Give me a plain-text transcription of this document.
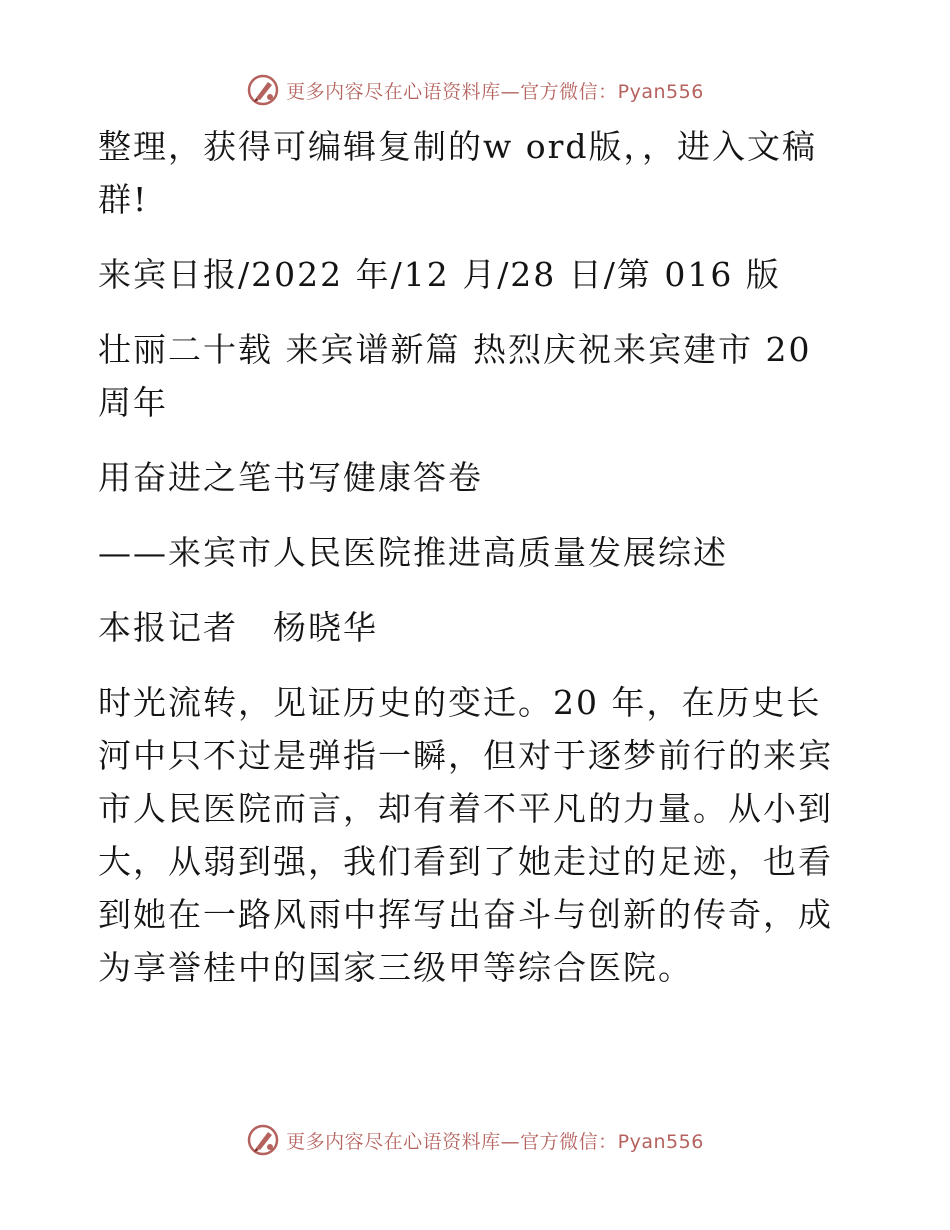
更多内容尽在心语资料库—官方微信：Pyan556

整理，获得可编辑复制的w ord版，，进入文稿群!

来宾日报/2022 年/12 月/28 日/第 016 版

壮丽二十载 来宾谱新篇 热烈庆祝来宾建市 20 周年

用奋进之笔书写健康答卷

——来宾市人民医院推进高质量发展综述

本报记者　杨晓华

时光流转，见证历史的变迁。20 年，在历史长河中只不过是弹指一瞬，但对于逐梦前行的来宾市人民医院而言，却有着不平凡的力量。从小到大，从弱到强，我们看到了她走过的足迹，也看到她在一路风雨中挥写出奋斗与创新的传奇，成为享誉桂中的国家三级甲等综合医院。

更多内容尽在心语资料库—官方微信：Pyan556
